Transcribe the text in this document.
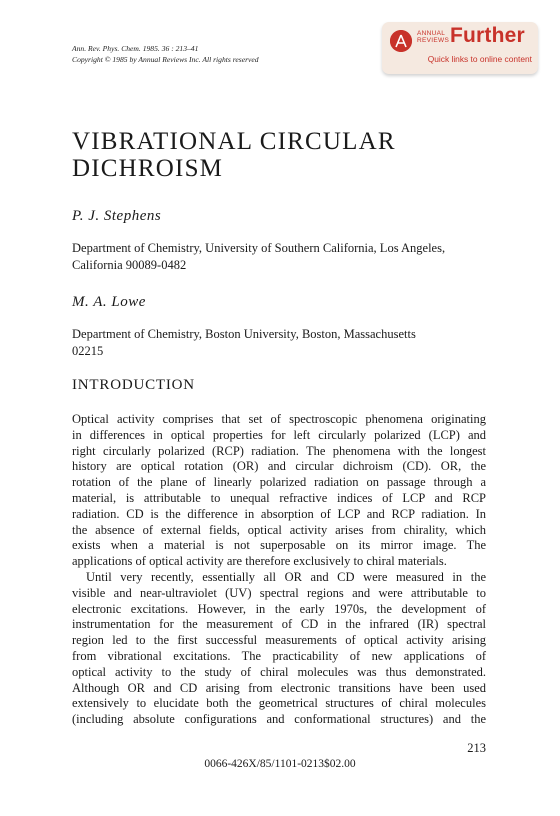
Ann. Rev. Phys. Chem. 1985. 36 : 213–41
Copyright © 1985 by Annual Reviews Inc. All rights reserved
ANNUAL
REVIEWS Further
Quick links to online content
VIBRATIONAL CIRCULAR
DICHROISM
P. J. Stephens
Department of Chemistry, University of Southern California, Los Angeles,
California 90089-0482
M. A. Lowe
Department of Chemistry, Boston University, Boston, Massachusetts
02215
INTRODUCTION
Optical activity comprises that set of spectroscopic phenomena originating
in differences in optical properties for left circularly polarized (LCP) and
right circularly polarized (RCP) radiation. The phenomena with the longest
history are optical rotation (OR) and circular dichroism (CD). OR, the
rotation of the plane of linearly polarized radiation on passage through a
material, is attributable to unequal refractive indices of LCP and RCP
radiation. CD is the difference in absorption of LCP and RCP radiation. In
the absence of external fields, optical activity arises from chirality, which
exists when a material is not superposable on its mirror image. The
applications of optical activity are therefore exclusively to chiral materials.
Until very recently, essentially all OR and CD were measured in the
visible and near-ultraviolet (UV) spectral regions and were attributable to
electronic excitations. However, in the early 1970s, the development of
instrumentation for the measurement of CD in the infrared (IR) spectral
region led to the first successful measurements of optical activity arising
from vibrational excitations. The practicability of new applications of
optical activity to the study of chiral molecules was thus demonstrated.
Although OR and CD arising from electronic transitions have been used
extensively to elucidate both the geometrical structures of chiral molecules
(including absolute configurations and conformational structures) and the
213
0066-426X/85/1101-0213$02.00
